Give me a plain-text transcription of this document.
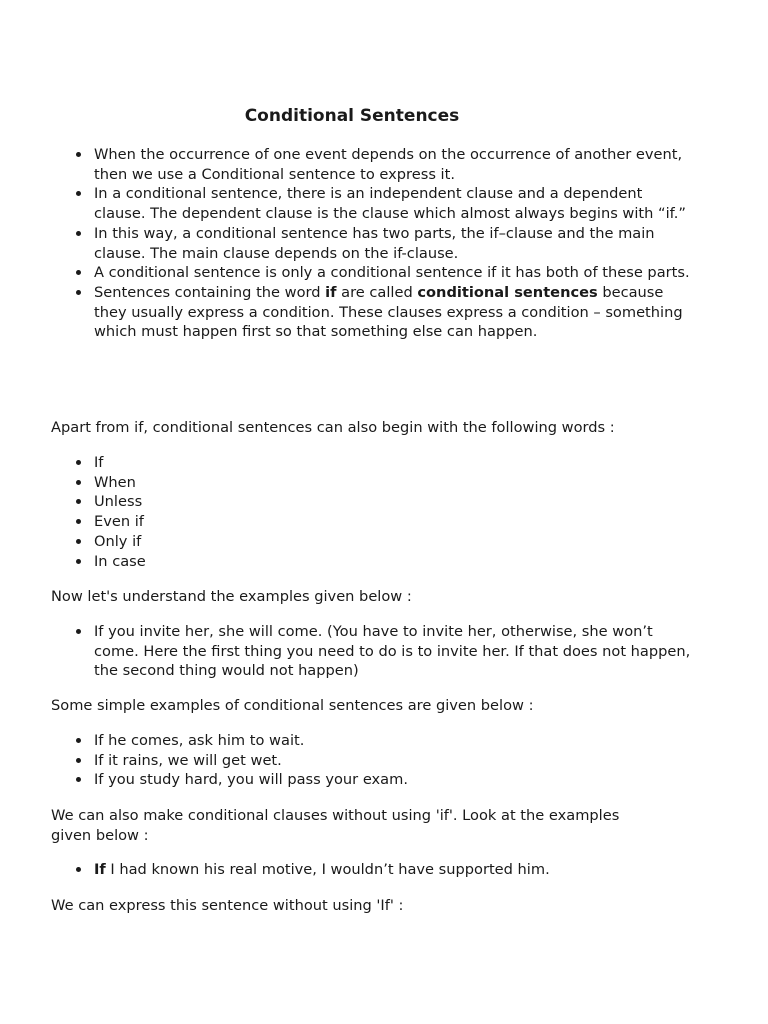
Conditional Sentences
When the occurrence of one event depends on the occurrence of another event, then we use a Conditional sentence to express it.
In a conditional sentence, there is an independent clause and a dependent clause. The dependent clause is the clause which almost always begins with “if.”
In this way, a conditional sentence has two parts, the if–clause and the main clause. The main clause depends on the if-clause.
A conditional sentence is only a conditional sentence if it has both of these parts.
Sentences containing the word if are called conditional sentences because they usually express a condition. These clauses express a condition – something which must happen first so that something else can happen.

Apart from if, conditional sentences can also begin with the following words :

If
When
Unless
Even if
Only if
In case

Now let's understand the examples given below :

If you invite her, she will come. (You have to invite her, otherwise, she won’t come. Here the first thing you need to do is to invite her. If that does not happen, the second thing would not happen)

Some simple examples of conditional sentences are given below :

If he comes, ask him to wait.
If it rains, we will get wet.
If you study hard, you will pass your exam.

We can also make conditional clauses without using 'if'. Look at the examples given below :

If I had known his real motive, I wouldn’t have supported him.

We can express this sentence without using 'If' :
